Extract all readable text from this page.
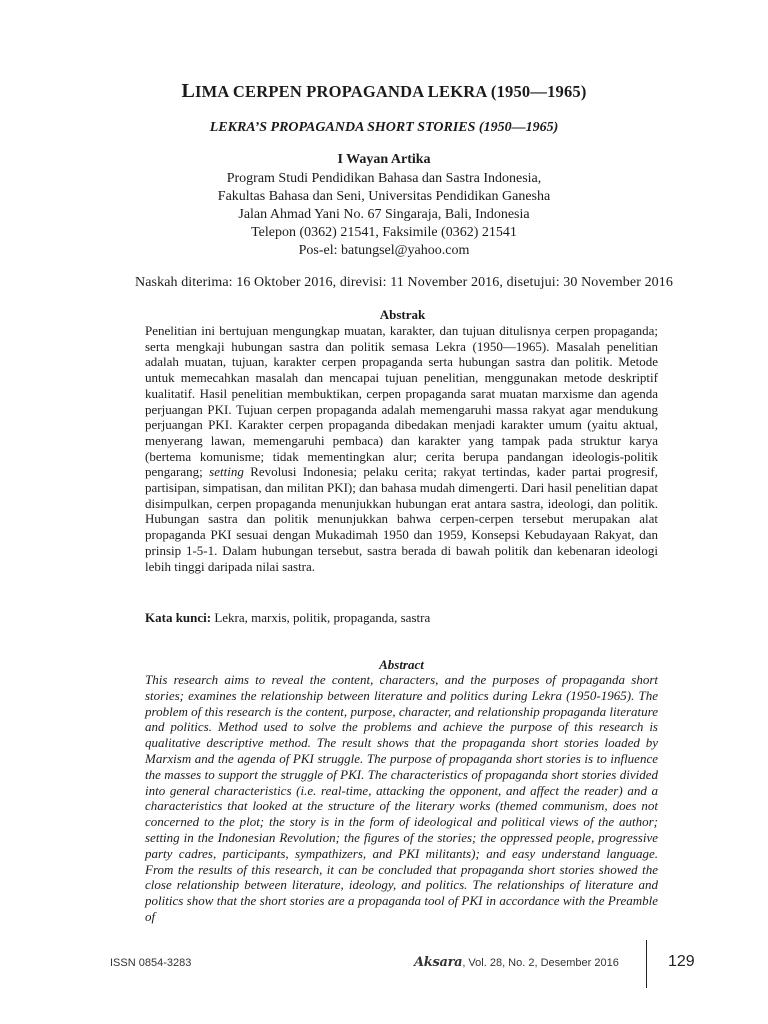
LIMA CERPEN PROPAGANDA LEKRA (1950—1965)
LEKRA’S PROPAGANDA SHORT STORIES (1950—1965)
I Wayan Artika
Program Studi Pendidikan Bahasa dan Sastra Indonesia,
Fakultas Bahasa dan Seni, Universitas Pendidikan Ganesha
Jalan Ahmad Yani No. 67 Singaraja, Bali, Indonesia
Telepon (0362) 21541, Faksimile (0362) 21541
Pos-el: batungsel@yahoo.com
Naskah diterima: 16 Oktober 2016, direvisi: 11 November 2016, disetujui: 30 November 2016
Abstrak
Penelitian ini bertujuan mengungkap muatan, karakter, dan tujuan ditulisnya cerpen propaganda; serta mengkaji hubungan sastra dan politik semasa Lekra (1950—1965). Masalah penelitian adalah muatan, tujuan, karakter cerpen propaganda serta hubungan sastra dan politik. Metode untuk memecahkan masalah dan mencapai tujuan penelitian, menggunakan metode deskriptif kualitatif. Hasil penelitian membuktikan, cerpen propaganda sarat muatan marxisme dan agenda perjuangan PKI. Tujuan cerpen propaganda adalah memengaruhi massa rakyat agar mendukung perjuangan PKI. Karakter cerpen propaganda dibedakan menjadi karakter umum (yaitu aktual, menyerang lawan, memengaruhi pembaca) dan karakter yang tampak pada struktur karya (bertema komunisme; tidak mementingkan alur; cerita berupa pandangan ideologis-politik pengarang; setting Revolusi Indonesia; pelaku cerita; rakyat tertindas, kader partai progresif, partisipan, simpatisan, dan militan PKI); dan bahasa mudah dimengerti. Dari hasil penelitian dapat disimpulkan, cerpen propaganda menunjukkan hubungan erat antara sastra, ideologi, dan politik. Hubungan sastra dan politik menunjukkan bahwa cerpen-cerpen tersebut merupakan alat propaganda PKI sesuai dengan Mukadimah 1950 dan 1959, Konsepsi Kebudayaan Rakyat, dan prinsip 1-5-1. Dalam hubungan tersebut, sastra berada di bawah politik dan kebenaran ideologi lebih tinggi daripada nilai sastra.
Kata kunci: Lekra, marxis, politik, propaganda, sastra
Abstract
This research aims to reveal the content, characters, and the purposes of propaganda short stories; examines the relationship between literature and politics during Lekra (1950-1965). The problem of this research is the content, purpose, character, and relationship propaganda literature and politics. Method used to solve the problems and achieve the purpose of this research is qualitative descriptive method. The result shows that the propaganda short stories loaded by Marxism and the agenda of PKI struggle. The purpose of propaganda short stories is to influence the masses to support the struggle of PKI. The characteristics of propaganda short stories divided into general characteristics (i.e. real-time, attacking the opponent, and affect the reader) and a characteristics that looked at the structure of the literary works (themed communism, does not concerned to the plot; the story is in the form of ideological and political views of the author; setting in the Indonesian Revolution; the figures of the stories; the oppressed people, progressive party cadres, participants, sympathizers, and PKI militants); and easy understand language. From the results of this research, it can be concluded that propaganda short stories showed the close relationship between literature, ideology, and politics. The relationships of literature and politics show that the short stories are a propaganda tool of PKI in accordance with the Preamble of
ISSN 0854-3283	Aksara, Vol. 28, No. 2, Desember 2016	129
